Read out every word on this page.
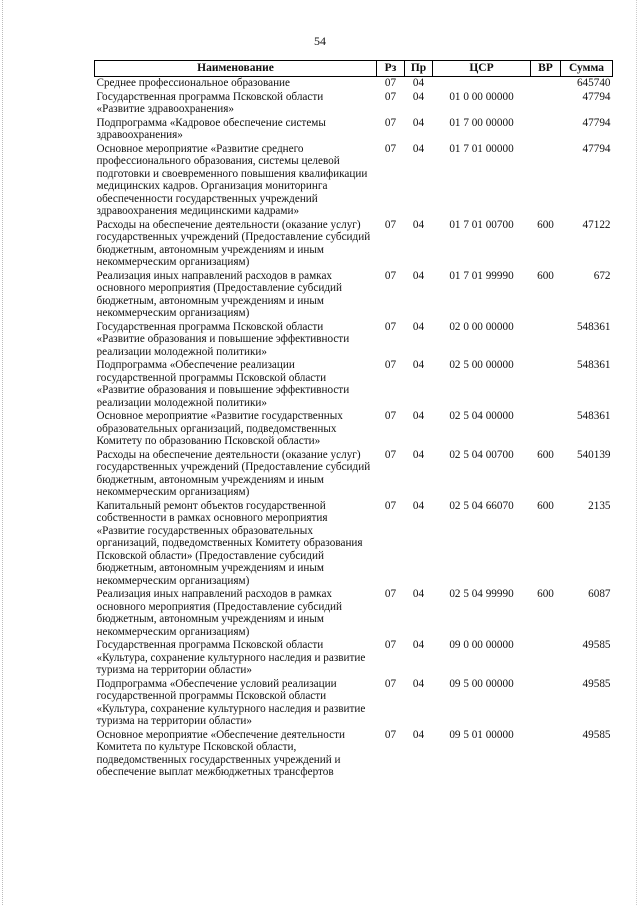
54
Наименование	Рз	Пр	ЦСР	ВР	Сумма
Среднее профессиональное образование	07	04			645740
Государственная программа Псковской области «Развитие здравоохранения»	07	04	01 0 00 00000		47794
Подпрограмма «Кадровое обеспечение системы здравоохранения»	07	04	01 7 00 00000		47794
Основное мероприятие «Развитие среднего профессионального образования, системы целевой подготовки и своевременного повышения квалификации медицинских кадров. Организация мониторинга обеспеченности государственных учреждений здравоохранения медицинскими кадрами»	07	04	01 7 01 00000		47794
Расходы на обеспечение деятельности (оказание услуг) государственных учреждений (Предоставление субсидий бюджетным, автономным учреждениям и иным некоммерческим организациям)	07	04	01 7 01 00700	600	47122
Реализация иных направлений расходов в рамках основного мероприятия (Предоставление субсидий бюджетным, автономным учреждениям и иным некоммерческим организациям)	07	04	01 7 01 99990	600	672
Государственная программа Псковской области «Развитие образования и повышение эффективности реализации молодежной политики»	07	04	02 0 00 00000		548361
Подпрограмма «Обеспечение реализации государственной программы Псковской области «Развитие образования и повышение эффективности реализации молодежной политики»	07	04	02 5 00 00000		548361
Основное мероприятие «Развитие государственных образовательных организаций, подведомственных Комитету по образованию Псковской области»	07	04	02 5 04 00000		548361
Расходы на обеспечение деятельности (оказание услуг) государственных учреждений (Предоставление субсидий бюджетным, автономным учреждениям и иным некоммерческим организациям)	07	04	02 5 04 00700	600	540139
Капитальный ремонт объектов государственной собственности в рамках основного мероприятия «Развитие государственных образовательных организаций, подведомственных Комитету образования Псковской области» (Предоставление субсидий бюджетным, автономным учреждениям и иным некоммерческим организациям)	07	04	02 5 04 66070	600	2135
Реализация иных направлений расходов в рамках основного мероприятия (Предоставление субсидий бюджетным, автономным учреждениям и иным некоммерческим организациям)	07	04	02 5 04 99990	600	6087
Государственная программа Псковской области «Культура, сохранение культурного наследия и развитие туризма на территории области»	07	04	09 0 00 00000		49585
Подпрограмма «Обеспечение условий реализации государственной программы Псковской области «Культура, сохранение культурного наследия и развитие туризма на территории области»	07	04	09 5 00 00000		49585
Основное мероприятие «Обеспечение деятельности Комитета по культуре Псковской области, подведомственных государственных учреждений и обеспечение выплат межбюджетных трансфертов	07	04	09 5 01 00000		49585
